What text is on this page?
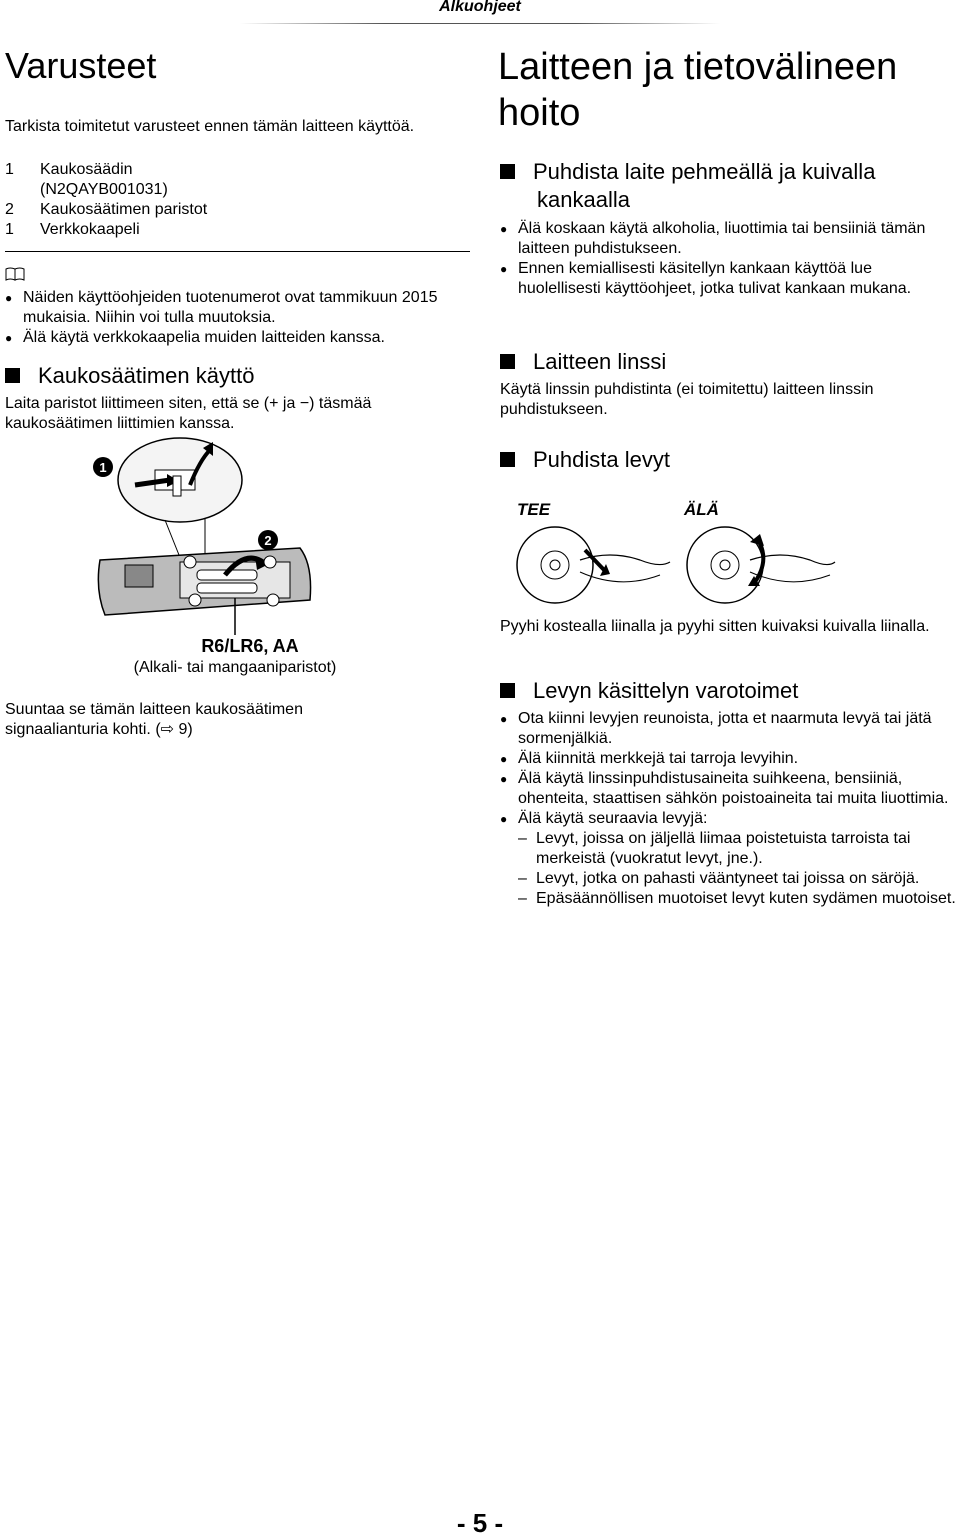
Alkuohjeet
Varusteet
Tarkista toimitetut varusteet ennen tämän laitteen käyttöä.
1 Kaukosäädin
(N2QAYB001031)
2 Kaukosäätimen paristot
1 Verkkokaapeli
● Näiden käyttöohjeiden tuotenumerot ovat tammikuun 2015 mukaisia. Niihin voi tulla muutoksia.
● Älä käytä verkkokaapelia muiden laitteiden kanssa.
Kaukosäätimen käyttö
Laita paristot liittimeen siten, että se (+ ja −) täsmää kaukosäätimen liittimien kanssa.
1
2
R6/LR6, AA
(Alkali- tai mangaaniparistot)
Suuntaa se tämän laitteen kaukosäätimen
signaalianturia kohti. (⇨ 9)
Laitteen ja tietovälineen
hoito
Puhdista laite pehmeällä ja kuivalla
kankaalla
● Älä koskaan käytä alkoholia, liuottimia tai bensiiniä tämän laitteen puhdistukseen.
● Ennen kemiallisesti käsitellyn kankaan käyttöä lue huolellisesti käyttöohjeet, jotka tulivat kankaan mukana.
Laitteen linssi
Käytä linssin puhdistinta (ei toimitettu) laitteen linssin puhdistukseen.
Puhdista levyt
TEE	ÄLÄ
Pyyhi kostealla liinalla ja pyyhi sitten kuivaksi kuivalla liinalla.
Levyn käsittelyn varotoimet
● Ota kiinni levyjen reunoista, jotta et naarmuta levyä tai jätä sormenjälkiä.
● Älä kiinnitä merkkejä tai tarroja levyihin.
● Älä käytä linssinpuhdistusaineita suihkeena, bensiiniä, ohenteita, staattisen sähkön poistoaineita tai muita liuottimia.
● Älä käytä seuraavia levyjä:
– Levyt, joissa on jäljellä liimaa poistetuista tarroista tai merkeistä (vuokratut levyt, jne.).
– Levyt, jotka on pahasti vääntyneet tai joissa on säröjä.
– Epäsäännöllisen muotoiset levyt kuten sydämen muotoiset.
- 5 -
